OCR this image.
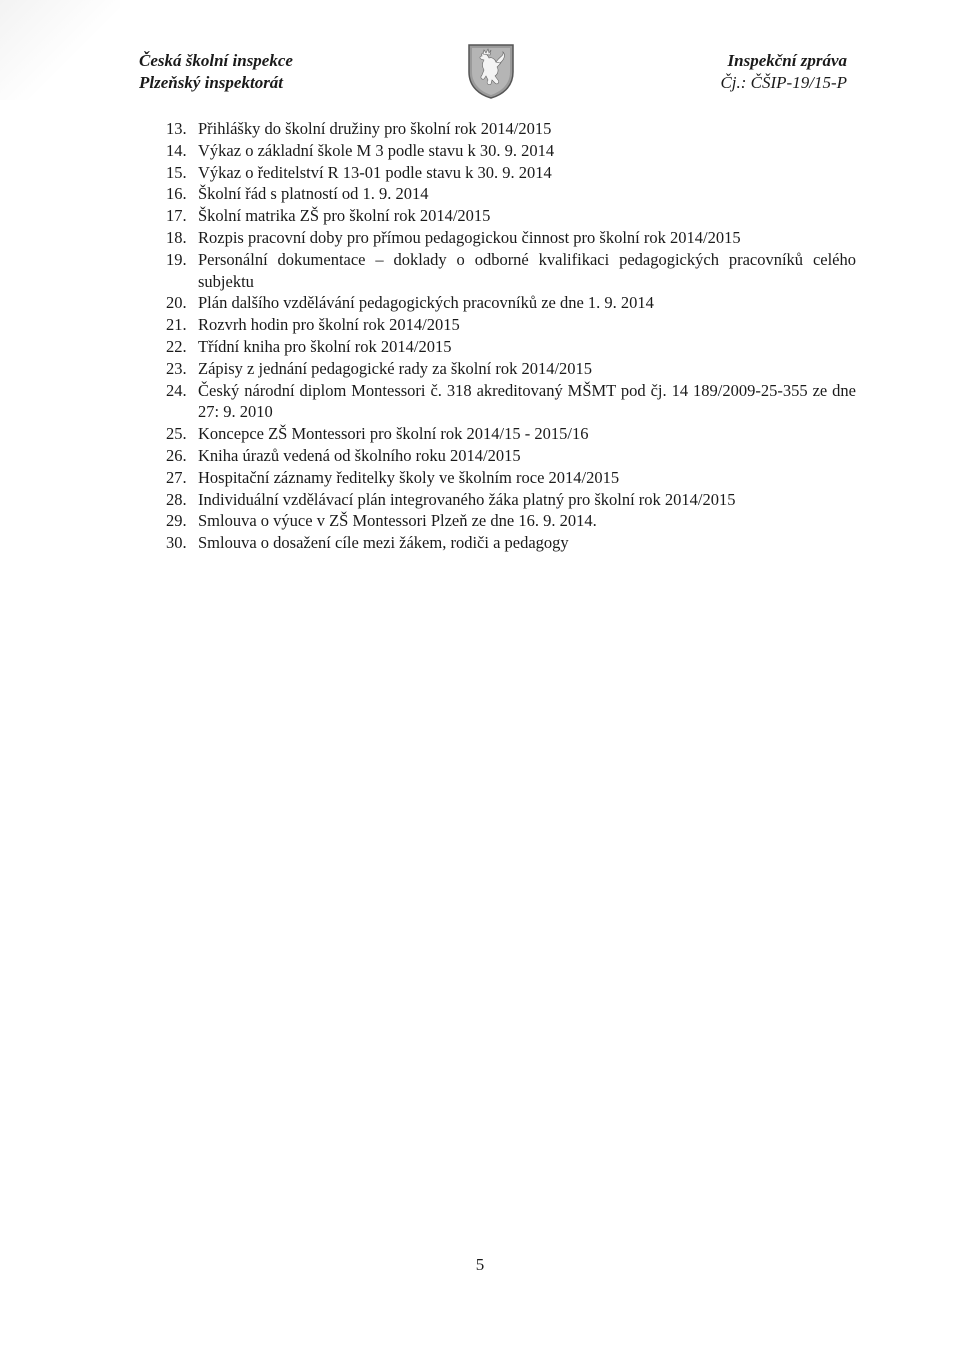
Česká školní inspekce
Plzeňský inspektorát
Inspekční zpráva
Čj.: ČŠIP-19/15-P
13. Přihlášky do školní družiny pro školní rok 2014/2015
14. Výkaz o základní škole M 3 podle stavu k 30. 9. 2014
15. Výkaz o ředitelství R 13-01 podle stavu k 30. 9. 2014
16. Školní řád s platností od 1. 9. 2014
17. Školní matrika ZŠ pro školní rok 2014/2015
18. Rozpis pracovní doby pro přímou pedagogickou činnost pro školní rok 2014/2015
19. Personální dokumentace – doklady o odborné kvalifikaci pedagogických pracovníků celého subjektu
20. Plán dalšího vzdělávání pedagogických pracovníků ze dne 1. 9. 2014
21. Rozvrh hodin pro školní rok 2014/2015
22. Třídní kniha pro školní rok 2014/2015
23. Zápisy z jednání pedagogické rady za školní rok 2014/2015
24. Český národní diplom Montessori č. 318 akreditovaný MŠMT pod čj. 14 189/2009-25-355 ze dne 27: 9. 2010
25. Koncepce ZŠ Montessori pro školní rok 2014/15 - 2015/16
26. Kniha úrazů vedená od školního roku 2014/2015
27. Hospitační záznamy ředitelky školy ve školním roce 2014/2015
28. Individuální vzdělávací plán integrovaného žáka platný pro školní rok 2014/2015
29. Smlouva o výuce v ZŠ Montessori Plzeň ze dne 16. 9. 2014.
30. Smlouva o dosažení cíle mezi žákem, rodiči a pedagogy
5
